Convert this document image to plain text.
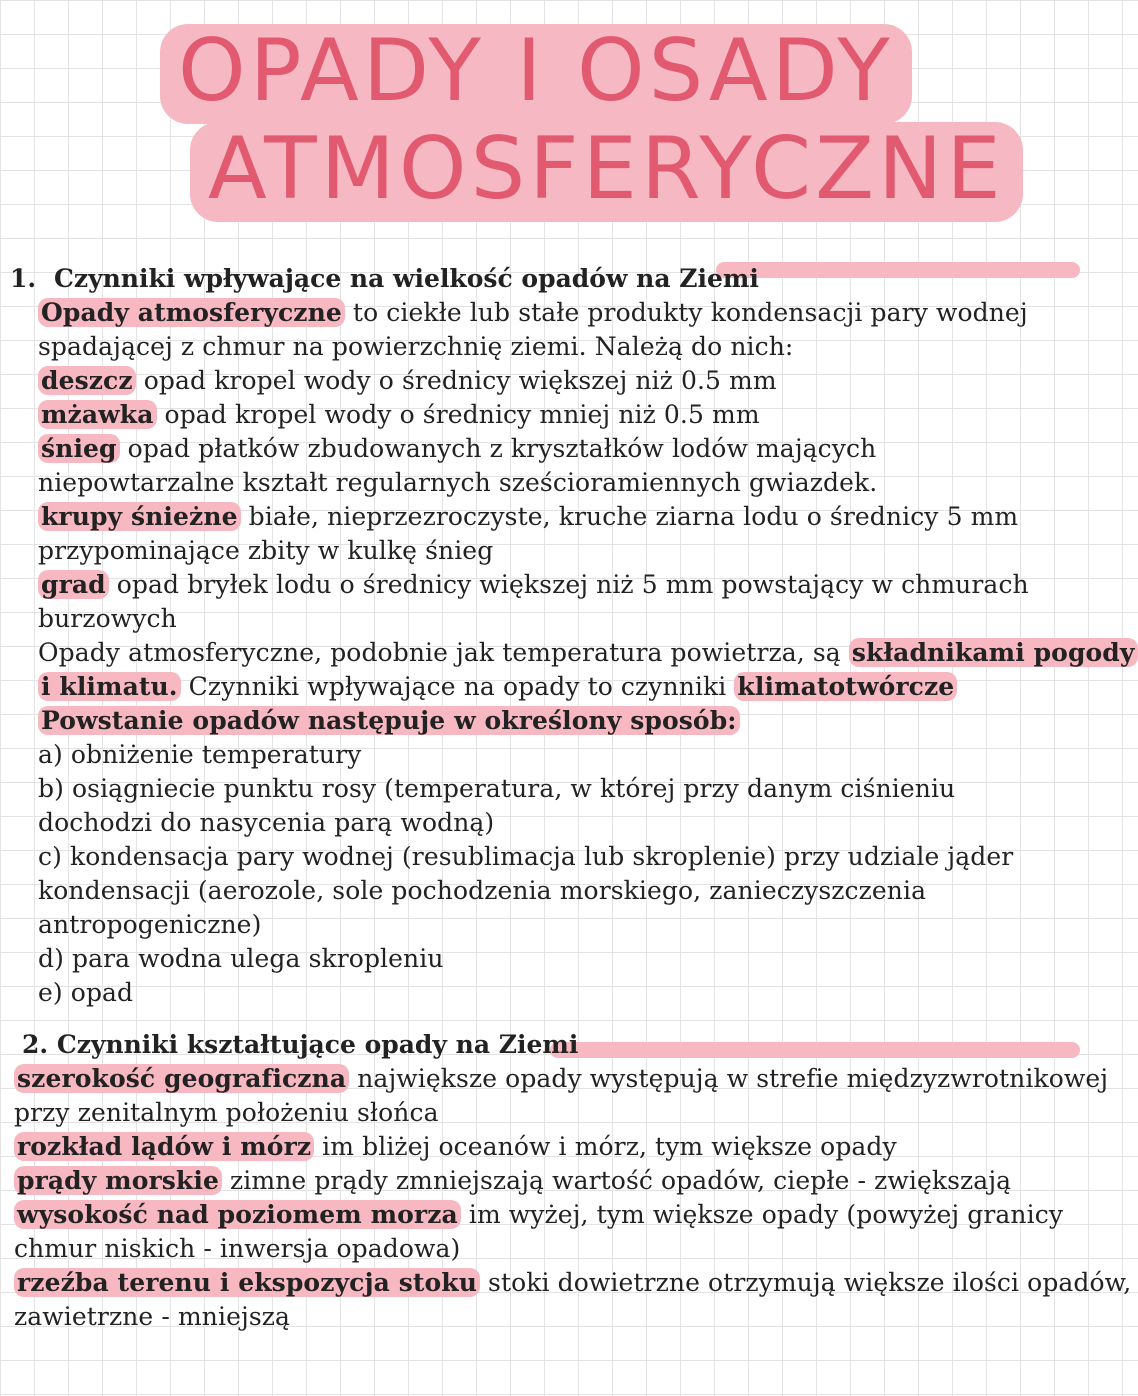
OPADY I OSADY
ATMOSFERYCZNE
1. Czynniki wpływające na wielkość opadów na Ziemi
Opady atmosferyczne to ciekłe lub stałe produkty kondensacji pary wodnej
spadającej z chmur na powierzchnię ziemi. Należą do nich:
deszcz opad kropel wody o średnicy większej niż 0.5 mm
mżawka opad kropel wody o średnicy mniej niż 0.5 mm
śnieg opad płatków zbudowanych z kryształków lodów mających
niepowtarzalne kształt regularnych sześcioramiennych gwiazdek.
krupy śnieżne białe, nieprzezroczyste, kruche ziarna lodu o średnicy 5 mm
przypominające zbity w kulkę śnieg
grad opad bryłek lodu o średnicy większej niż 5 mm powstający w chmurach
burzowych
Opady atmosferyczne, podobnie jak temperatura powietrza, są składnikami pogody
i klimatu. Czynniki wpływające na opady to czynniki klimatotwórcze
Powstanie opadów następuje w określony sposób:
a) obniżenie temperatury
b) osiągniecie punktu rosy (temperatura, w której przy danym ciśnieniu
dochodzi do nasycenia parą wodną)
c) kondensacja pary wodnej (resublimacja lub skroplenie) przy udziale jąder
kondensacji (aerozole, sole pochodzenia morskiego, zanieczyszczenia
antropogeniczne)
d) para wodna ulega skropleniu
e) opad
2. Czynniki kształtujące opady na Ziemi
szerokość geograficzna największe opady występują w strefie międzyzwrotnikowej
przy zenitalnym położeniu słońca
rozkład lądów i mórz im bliżej oceanów i mórz, tym większe opady
prądy morskie zimne prądy zmniejszają wartość opadów, ciepłe - zwiększają
wysokość nad poziomem morza im wyżej, tym większe opady (powyżej granicy
chmur niskich - inwersja opadowa)
rzeźba terenu i ekspozycja stoku stoki dowietrzne otrzymują większe ilości opadów,
zawietrzne - mniejszą
